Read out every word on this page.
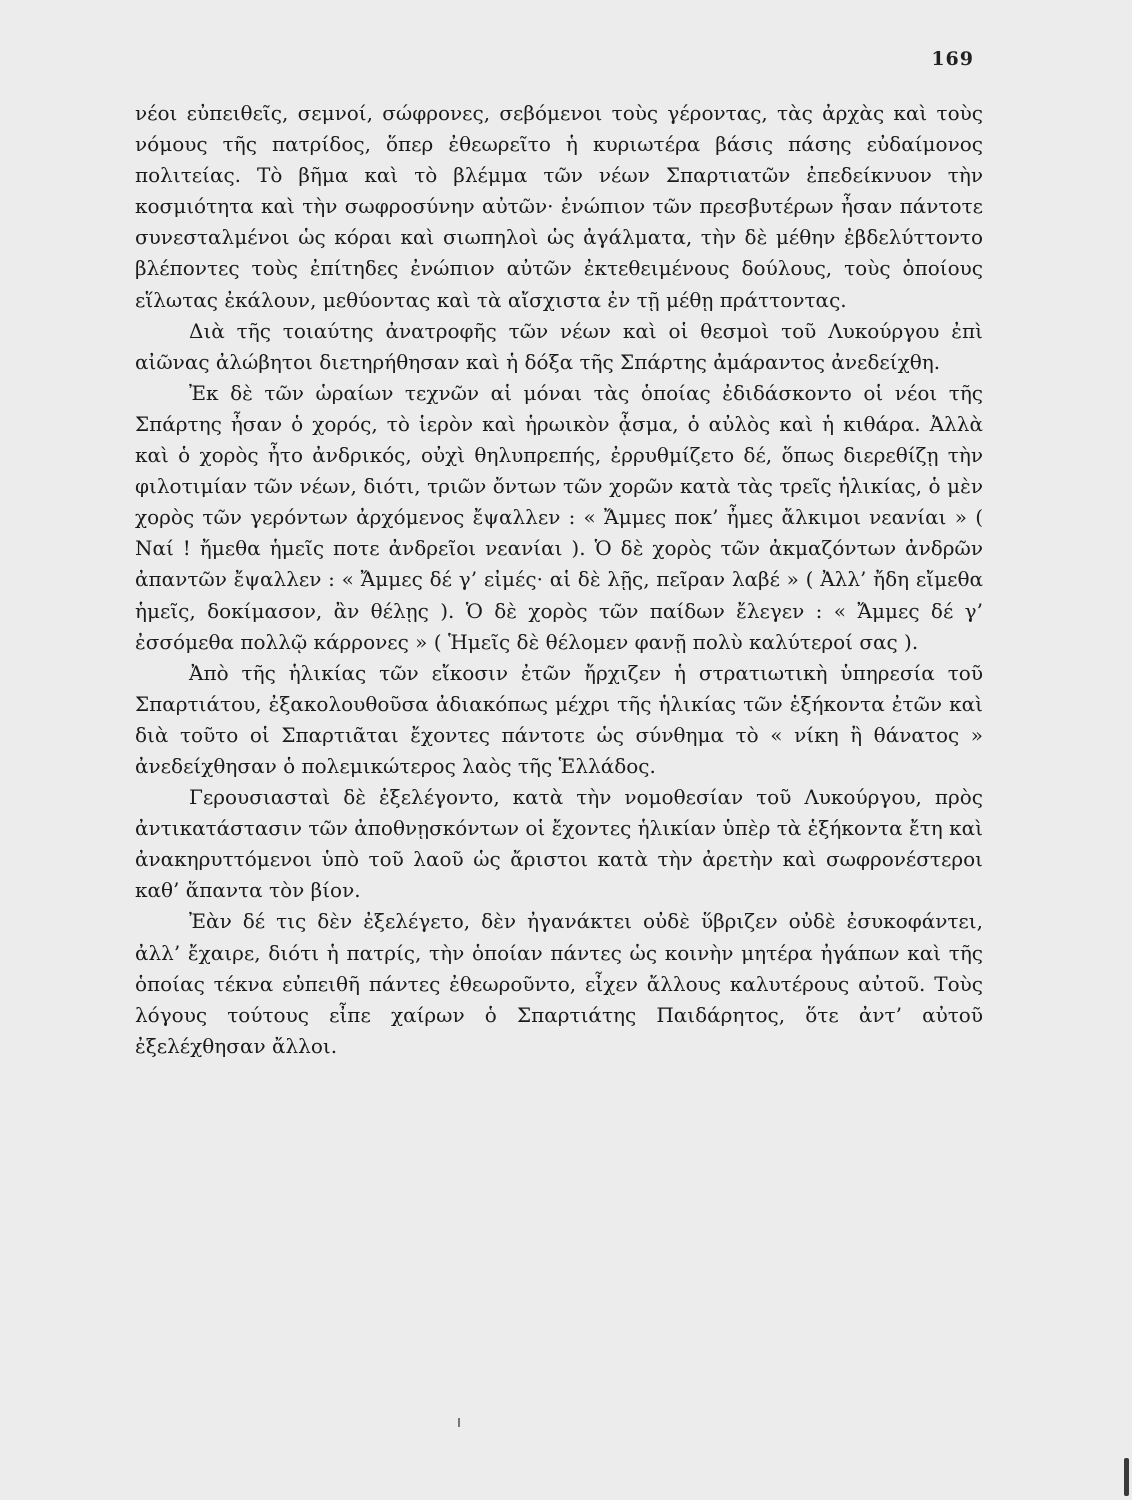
169

νέοι εὐπειθεῖς, σεμνοί, σώφρονες, σεβόμενοι τοὺς γέροντας, τὰς ἀρχὰς καὶ τοὺς νόμους τῆς πατρίδος, ὅπερ ἐθεωρεῖτο ἡ κυριωτέρα βάσις πάσης εὐδαίμονος πολιτείας. Τὸ βῆμα καὶ τὸ βλέμμα τῶν νέων Σπαρτιατῶν ἐπεδείκνυον τὴν κοσμιότητα καὶ τὴν σωφροσύνην αὐτῶν· ἐνώπιον τῶν πρεσβυτέρων ἦσαν πάντοτε συνεσταλμένοι ὡς κόραι καὶ σιωπηλοὶ ὡς ἀγάλματα, τὴν δὲ μέθην ἐβδελύττοντο βλέποντες τοὺς ἐπίτηδες ἐνώπιον αὐτῶν ἐκτεθειμένους δούλους, τοὺς ὁποίους εἵλωτας ἐκάλουν, μεθύοντας καὶ τὰ αἴσχιστα ἐν τῇ μέθῃ πράττοντας.

Διὰ τῆς τοιαύτης ἀνατροφῆς τῶν νέων καὶ οἱ θεσμοὶ τοῦ Λυκούργου ἐπὶ αἰῶνας ἀλώβητοι διετηρήθησαν καὶ ἡ δόξα τῆς Σπάρτης ἀμάραντος ἀνεδείχθη.

Ἐκ δὲ τῶν ὡραίων τεχνῶν αἱ μόναι τὰς ὁποίας ἐδιδάσκοντο οἱ νέοι τῆς Σπάρτης ἦσαν ὁ χορός, τὸ ἱερὸν καὶ ἡρωικὸν ᾆσμα, ὁ αὐλὸς καὶ ἡ κιθάρα. Ἀλλὰ καὶ ὁ χορὸς ἦτο ἀνδρικός, οὐχὶ θηλυπρεπής, ἐρρυθμίζετο δέ, ὅπως διερεθίζῃ τὴν φιλοτιμίαν τῶν νέων, διότι, τριῶν ὄντων τῶν χορῶν κατὰ τὰς τρεῖς ἡλικίας, ὁ μὲν χορὸς τῶν γερόντων ἀρχόμενος ἔψαλλεν : « Ἄμμες ποκ’ ἦμες ἄλκιμοι νεανίαι » ( Ναί ! ἤμεθα ἡμεῖς ποτε ἀνδρεῖοι νεανίαι ). Ὁ δὲ χορὸς τῶν ἀκμαζόντων ἀνδρῶν ἀπαντῶν ἔψαλλεν : « Ἄμμες δέ γ’ εἰμές· αἱ δὲ λῇς, πεῖραν λαβέ » ( Ἀλλ’ ἤδη εἴμεθα ἡμεῖς, δοκίμασον, ἂν θέλῃς ). Ὁ δὲ χορὸς τῶν παίδων ἔλεγεν : « Ἄμμες δέ γ’ ἐσσόμεθα πολλῷ κάρρονες » ( Ἡμεῖς δὲ θέλομεν φανῇ πολὺ καλύτεροί σας ).

Ἀπὸ τῆς ἡλικίας τῶν εἴκοσιν ἐτῶν ἤρχιζεν ἡ στρατιωτικὴ ὑπηρεσία τοῦ Σπαρτιάτου, ἐξακολουθοῦσα ἀδιακόπως μέχρι τῆς ἡλικίας τῶν ἑξήκοντα ἐτῶν καὶ διὰ τοῦτο οἱ Σπαρτιᾶται ἔχοντες πάντοτε ὡς σύνθημα τὸ « νίκη ἢ θάνατος » ἀνεδείχθησαν ὁ πολεμικώτερος λαὸς τῆς Ἑλλάδος.

Γερουσιασταὶ δὲ ἐξελέγοντο, κατὰ τὴν νομοθεσίαν τοῦ Λυκούργου, πρὸς ἀντικατάστασιν τῶν ἀποθνῃσκόντων οἱ ἔχοντες ἡλικίαν ὑπὲρ τὰ ἑξήκοντα ἔτη καὶ ἀνακηρυττόμενοι ὑπὸ τοῦ λαοῦ ὡς ἄριστοι κατὰ τὴν ἀρετὴν καὶ σωφρονέστεροι καθ’ ἅπαντα τὸν βίον.

Ἐὰν δέ τις δὲν ἐξελέγετο, δὲν ἠγανάκτει οὐδὲ ὕβριζεν οὐδὲ ἐσυκοφάντει, ἀλλ’ ἔχαιρε, διότι ἡ πατρίς, τὴν ὁποίαν πάντες ὡς κοινὴν μητέρα ἠγάπων καὶ τῆς ὁποίας τέκνα εὐπειθῆ πάντες ἐθεωροῦντο, εἶχεν ἄλλους καλυτέρους αὐτοῦ. Τοὺς λόγους τούτους εἶπε χαίρων ὁ Σπαρτιάτης Παιδάρητος, ὅτε ἀντ’ αὐτοῦ ἐξελέχθησαν ἄλλοι.
